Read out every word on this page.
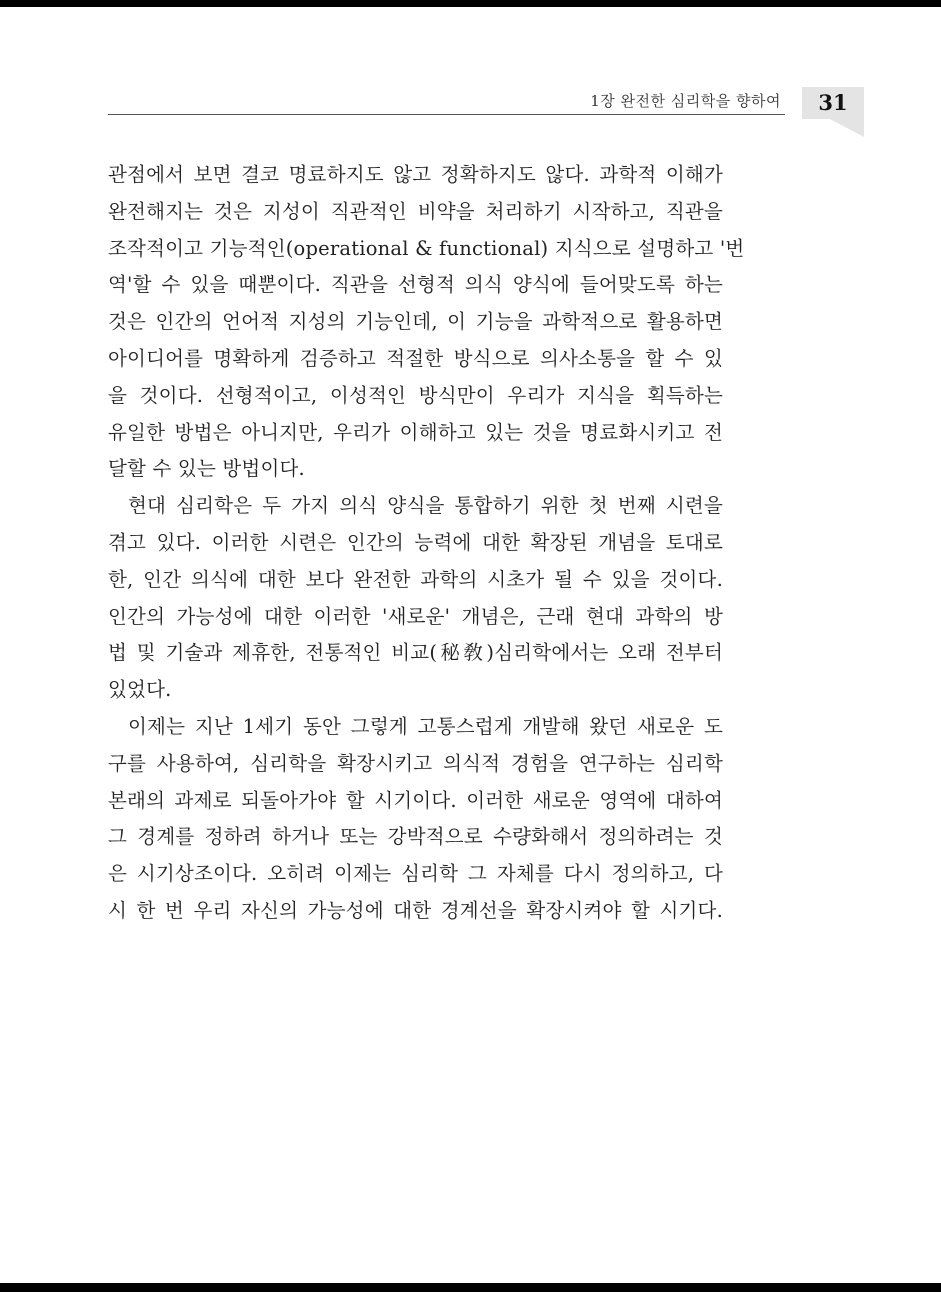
1장 완전한 심리학을 향하여	31
관점에서 보면 결코 명료하지도 않고 정확하지도 않다. 과학적 이해가
완전해지는 것은 지성이 직관적인 비약을 처리하기 시작하고, 직관을
조작적이고 기능적인(operational & functional) 지식으로 설명하고 '번
역'할 수 있을 때뿐이다. 직관을 선형적 의식 양식에 들어맞도록 하는
것은 인간의 언어적 지성의 기능인데, 이 기능을 과학적으로 활용하면
아이디어를 명확하게 검증하고 적절한 방식으로 의사소통을 할 수 있
을 것이다. 선형적이고, 이성적인 방식만이 우리가 지식을 획득하는
유일한 방법은 아니지만, 우리가 이해하고 있는 것을 명료화시키고 전
달할 수 있는 방법이다.
현대 심리학은 두 가지 의식 양식을 통합하기 위한 첫 번째 시련을
겪고 있다. 이러한 시련은 인간의 능력에 대한 확장된 개념을 토대로
한, 인간 의식에 대한 보다 완전한 과학의 시초가 될 수 있을 것이다.
인간의 가능성에 대한 이러한 '새로운' 개념은, 근래 현대 과학의 방
법 및 기술과 제휴한, 전통적인 비교(秘敎)심리학에서는 오래 전부터
있었다.
이제는 지난 1세기 동안 그렇게 고통스럽게 개발해 왔던 새로운 도
구를 사용하여, 심리학을 확장시키고 의식적 경험을 연구하는 심리학
본래의 과제로 되돌아가야 할 시기이다. 이러한 새로운 영역에 대하여
그 경계를 정하려 하거나 또는 강박적으로 수량화해서 정의하려는 것
은 시기상조이다. 오히려 이제는 심리학 그 자체를 다시 정의하고, 다
시 한 번 우리 자신의 가능성에 대한 경계선을 확장시켜야 할 시기다.
